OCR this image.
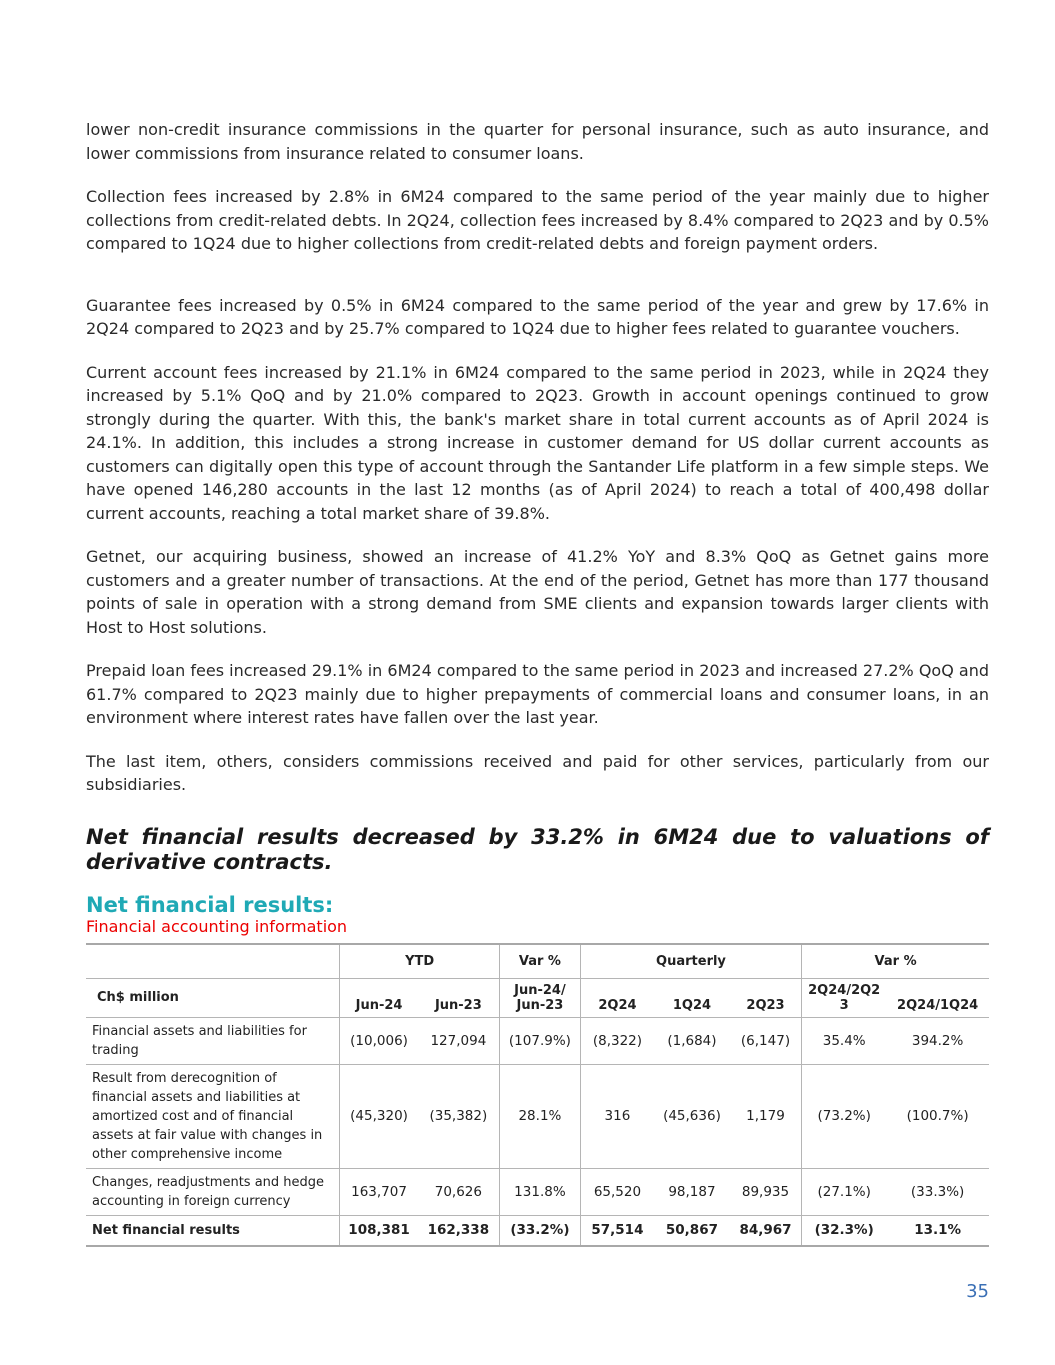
lower non-credit insurance commissions in the quarter for personal insurance, such as auto insurance, and lower commissions from insurance related to consumer loans.

Collection fees increased by 2.8% in 6M24 compared to the same period of the year mainly due to higher collections from credit-related debts. In 2Q24, collection fees increased by 8.4% compared to 2Q23 and by 0.5% compared to 1Q24 due to higher collections from credit-related debts and foreign payment orders.

Guarantee fees increased by 0.5% in 6M24 compared to the same period of the year and grew by 17.6% in 2Q24 compared to 2Q23 and by 25.7% compared to 1Q24 due to higher fees related to guarantee vouchers.

Current account fees increased by 21.1% in 6M24 compared to the same period in 2023, while in 2Q24 they increased by 5.1% QoQ and by 21.0% compared to 2Q23. Growth in account openings continued to grow strongly during the quarter. With this, the bank's market share in total current accounts as of April 2024 is 24.1%. In addition, this includes a strong increase in customer demand for US dollar current accounts as customers can digitally open this type of account through the Santander Life platform in a few simple steps. We have opened 146,280 accounts in the last 12 months (as of April 2024) to reach a total of 400,498 dollar current accounts, reaching a total market share of 39.8%.

Getnet, our acquiring business, showed an increase of 41.2% YoY and 8.3% QoQ as Getnet gains more customers and a greater number of transactions. At the end of the period, Getnet has more than 177 thousand points of sale in operation with a strong demand from SME clients and expansion towards larger clients with Host to Host solutions.

Prepaid loan fees increased 29.1% in 6M24 compared to the same period in 2023 and increased 27.2% QoQ and 61.7% compared to 2Q23 mainly due to higher prepayments of commercial loans and consumer loans, in an environment where interest rates have fallen over the last year.

The last item, others, considers commissions received and paid for other services, particularly from our subsidiaries.

Net financial results decreased by 33.2% in 6M24 due to valuations of derivative contracts.
Net financial results:
Financial accounting information
	YTD		Var %	Quarterly			Var %	
Ch$ million	Jun-24	Jun-23	Jun-24/ Jun-23	2Q24	1Q24	2Q23	2Q24/2Q2 3	2Q24/1Q24
Financial assets and liabilities for trading	(10,006)	127,094	(107.9%)	(8,322)	(1,684)	(6,147)	35.4%	394.2%
Result from derecognition of financial assets and liabilities at amortized cost and of financial assets at fair value with changes in other comprehensive income	(45,320)	(35,382)	28.1%	316	(45,636)	1,179	(73.2%)	(100.7%)
Changes, readjustments and hedge accounting in foreign currency	163,707	70,626	131.8%	65,520	98,187	89,935	(27.1%)	(33.3%)
Net financial results	108,381	162,338	(33.2%)	57,514	50,867	84,967	(32.3%)	13.1%
35
